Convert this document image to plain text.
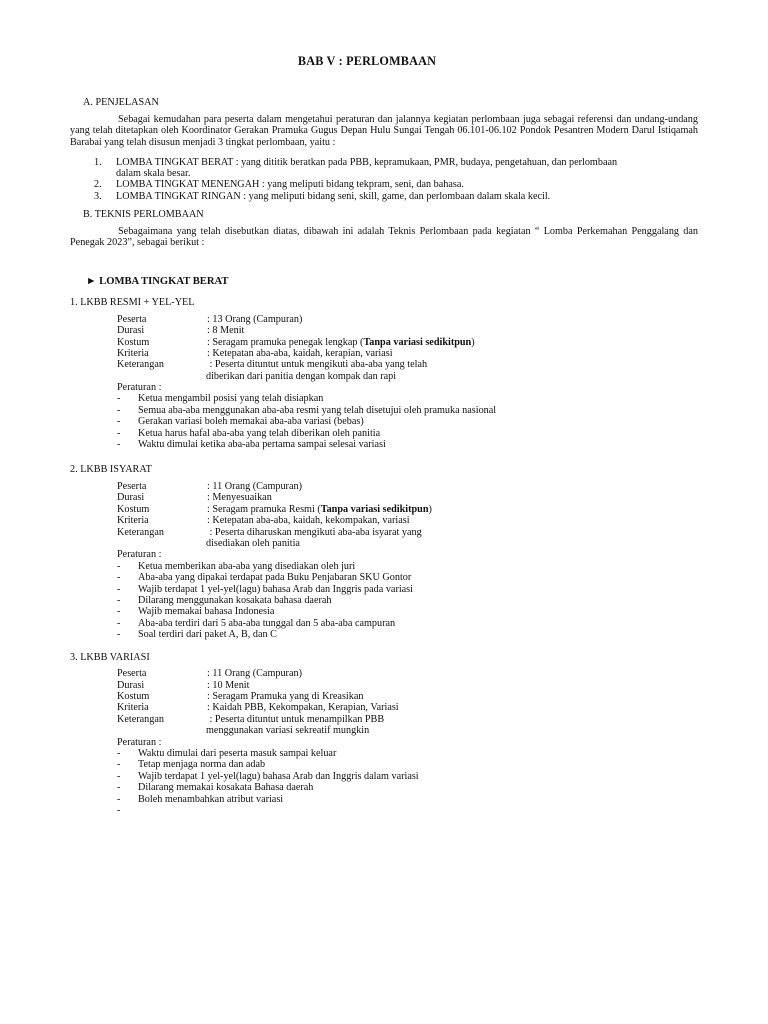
BAB V : PERLOMBAAN
A. PENJELASAN

Sebagai kemudahan para peserta dalam mengetahui peraturan dan jalannya kegiatan perlombaan juga sebagai referensi dan undang-undang yang telah ditetapkan oleh Koordinator Gerakan Pramuka Gugus Depan Hulu Sungai Tengah 06.101-06.102 Pondok Pesantren Modern Darul Istiqamah Barabai yang telah disusun menjadi 3 tingkat perlombaan, yaitu :

1. LOMBA TINGKAT BERAT : yang dititik beratkan pada PBB, kepramukaan, PMR, budaya, pengetahuan, dan perlombaan
dalam skala besar.
2. LOMBA TINGKAT MENENGAH : yang meliputi bidang tekpram, seni, dan bahasa.
3. LOMBA TINGKAT RINGAN : yang meliputi bidang seni, skill, game, dan perlombaan dalam skala kecil.
B. TEKNIS PERLOMBAAN

Sebagaimana yang telah disebutkan diatas, dibawah ini adalah Teknis Perlombaan pada kegiatan “ Lomba Perkemahan Penggalang dan Penegak 2023”, sebagai berikut :

► LOMBA TINGKAT BERAT
1. LKBB RESMI + YEL-YEL
Peserta	: 13 Orang (Campuran)
Durasi	: 8 Menit
Kostum	: Seragam pramuka penegak lengkap (Tanpa variasi sedikitpun)
Kriteria	: Ketepatan aba-aba, kaidah, kerapian, variasi
Keterangan	: Peserta dituntut untuk mengikuti aba-aba yang telah
diberikan dari panitia dengan kompak dan rapi
Peraturan :
- Ketua mengambil posisi yang telah disiapkan
- Semua aba-aba menggunakan aba-aba resmi yang telah disetujui oleh pramuka nasional
- Gerakan variasi boleh memakai aba-aba variasi (bebas)
- Ketua harus hafal aba-aba yang telah diberikan oleh panitia
- Waktu dimulai ketika aba-aba pertama sampai selesai variasi
2. LKBB ISYARAT
Peserta	: 11 Orang (Campuran)
Durasi	: Menyesuaikan
Kostum	: Seragam pramuka Resmi (Tanpa variasi sedikitpun)
Kriteria	: Ketepatan aba-aba, kaidah, kekompakan, variasi
Keterangan	: Peserta diharuskan mengikuti aba-aba isyarat yang
disediakan oleh panitia
Peraturan :
- Ketua memberikan aba-aba yang disediakan oleh juri
- Aba-aba yang dipakai terdapat pada Buku Penjabaran SKU Gontor
- Wajib terdapat 1 yel-yel(lagu) bahasa Arab dan Inggris pada variasi
- Dilarang menggunakan kosakata bahasa daerah
- Wajib memakai bahasa Indonesia
- Aba-aba terdiri dari 5 aba-aba tunggal dan 5 aba-aba campuran
- Soal terdiri dari paket A, B, dan C
3. LKBB VARIASI
Peserta	: 11 Orang (Campuran)
Durasi	: 10 Menit
Kostum	: Seragam Pramuka yang di Kreasikan
Kriteria	: Kaidah PBB, Kekompakan, Kerapian, Variasi
Keterangan	: Peserta dituntut untuk menampilkan PBB
menggunakan variasi sekreatif mungkin
Peraturan :
- Waktu dimulai dari peserta masuk sampai keluar
- Tetap menjaga norma dan adab
- Wajib terdapat 1 yel-yel(lagu) bahasa Arab dan Inggris dalam variasi
- Dilarang memakai kosakata Bahasa daerah
- Boleh menambahkan atribut variasi
-
